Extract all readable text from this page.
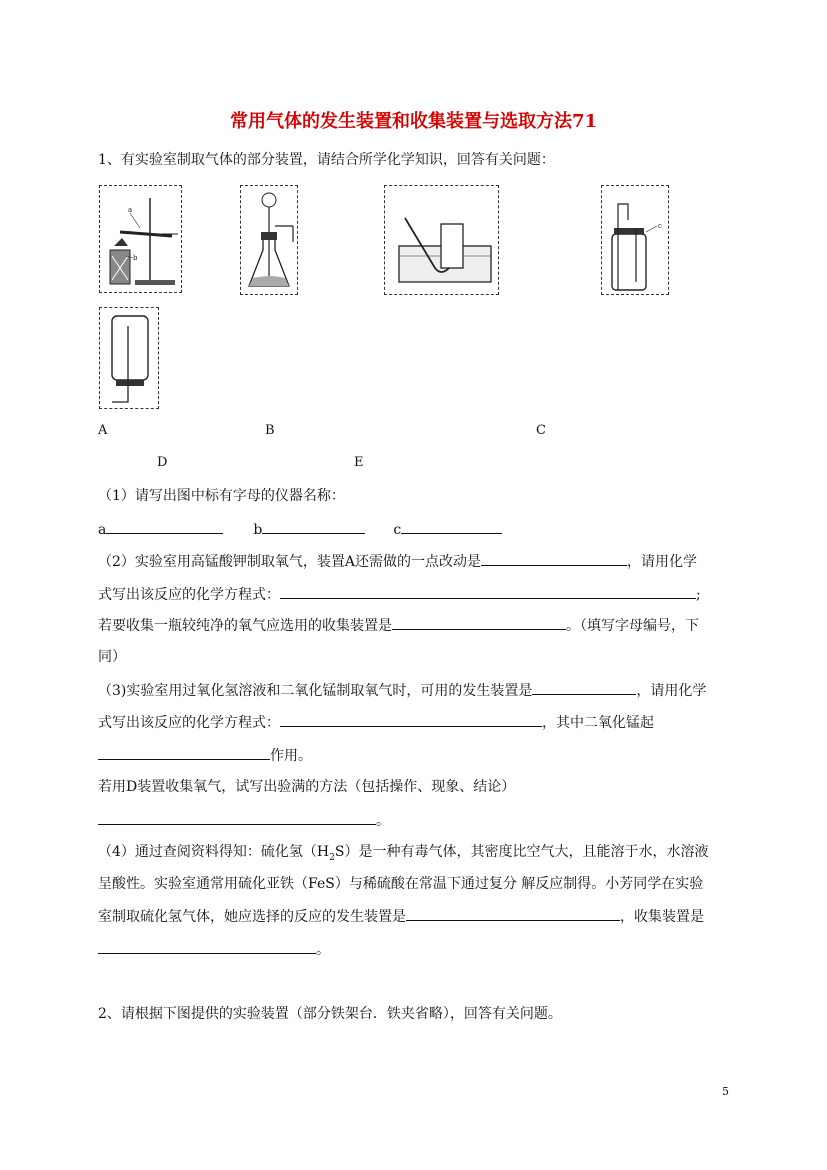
常用气体的发生装置和收集装置与选取方法71
1、有实验室制取气体的部分装置，请结合所学化学知识，回答有关问题：
a
b
c
A	B	C
D	E
（1）请写出图中标有字母的仪器名称：
a	b	c
（2）实验室用高锰酸钾制取氧气，装置A还需做的一点改动是	，请用化学
式写出该反应的化学方程式：	;
若要收集一瓶较纯净的氧气应选用的收集装置是	。（填写字母编号，下
同）
（3)实验室用过氧化氢溶液和二氧化锰制取氧气时，可用的发生装置是	，请用化学
式写出该反应的化学方程式：	，其中二氧化锰起
作用。
若用D装置收集氧气，试写出验满的方法（包括操作、现象、结论）
。
（4）通过查阅资料得知：硫化氢$(H_2S)$是一种有毒气体，其密度比空气大，且能溶于水，水溶液
呈酸性。实验室通常用硫化亚铁（FeS）与稀硫酸在常温下通过复分 解反应制得。小芳同学在实验
室制取硫化氢气体，她应选择的反应的发生装置是	，收集装置是
。
2、请根据下图提供的实验装置（部分铁架台．铁夹省略），回答有关问题。
5
